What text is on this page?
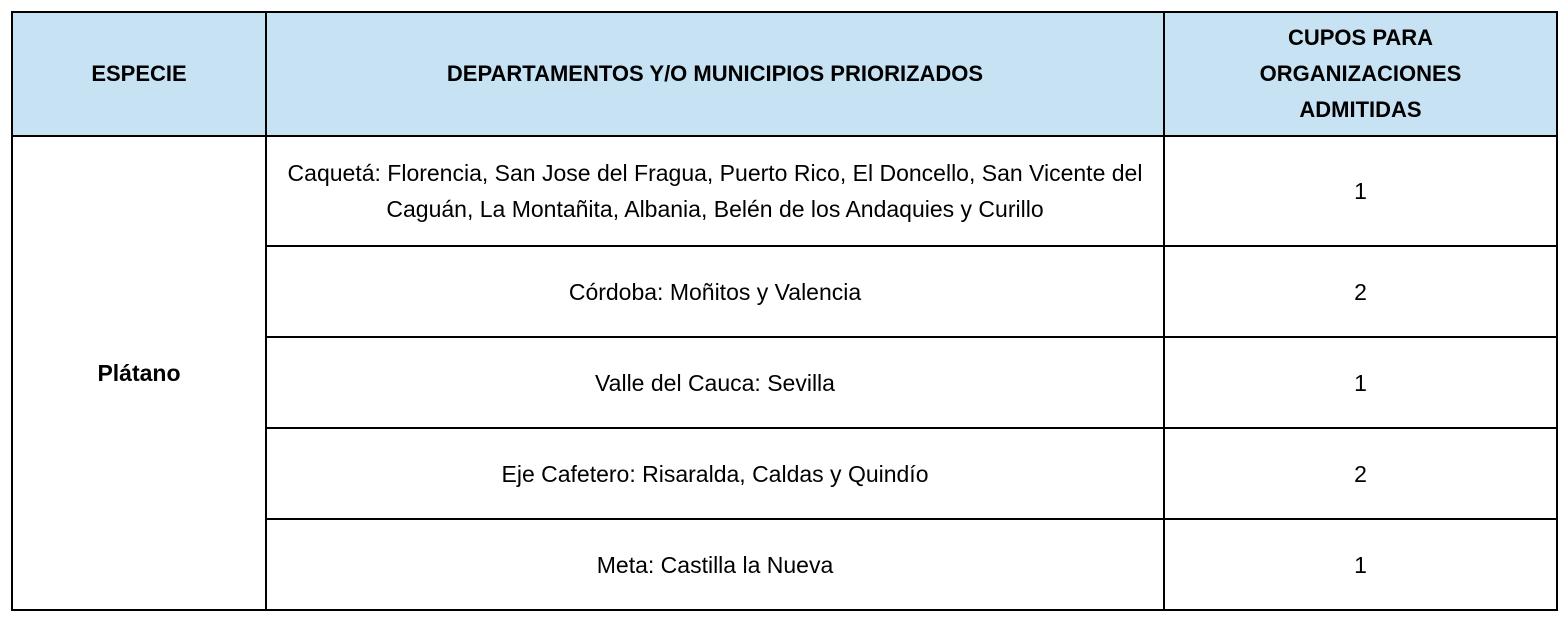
ESPECIE	DEPARTAMENTOS Y/O MUNICIPIOS PRIORIZADOS	CUPOS PARA ORGANIZACIONES ADMITIDAS
Plátano	Caquetá: Florencia, San Jose del Fragua, Puerto Rico, El Doncello, San Vicente del Caguán, La Montañita, Albania, Belén de los Andaquies y Curillo	1
	Córdoba: Moñitos y Valencia	2
	Valle del Cauca: Sevilla	1
	Eje Cafetero: Risaralda, Caldas y Quindío	2
	Meta: Castilla la Nueva	1
